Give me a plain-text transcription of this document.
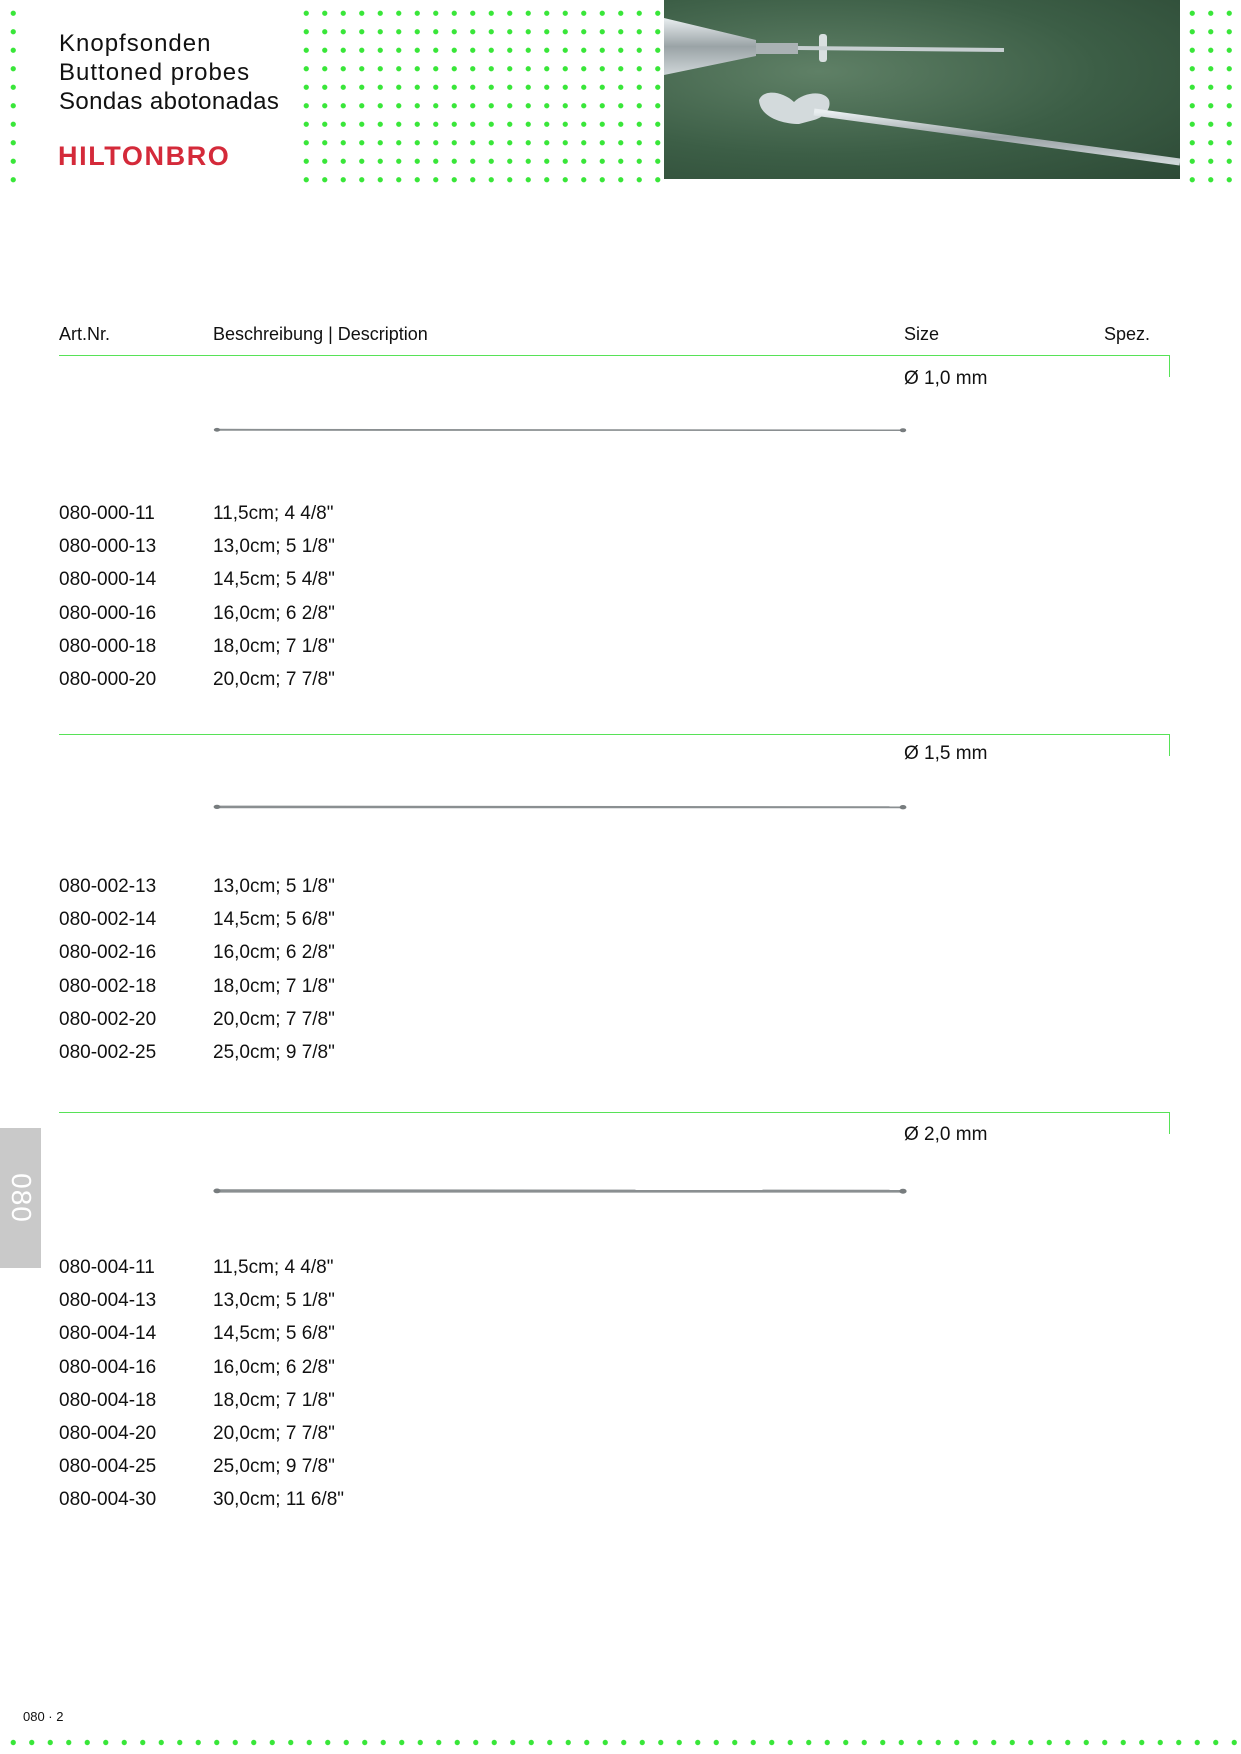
Knopfsonden
Buttoned probes
Sondas abotonadas
HILTONBRO
Art.Nr.	Beschreibung | Description	Size	Spez.
Ø 1,0 mm
080-000-11	11,5cm; 4 4/8"
080-000-13	13,0cm; 5 1/8"
080-000-14	14,5cm; 5 4/8"
080-000-16	16,0cm; 6 2/8"
080-000-18	18,0cm; 7 1/8"
080-000-20	20,0cm; 7 7/8"
Ø 1,5 mm
080-002-13	13,0cm; 5 1/8"
080-002-14	14,5cm; 5 6/8"
080-002-16	16,0cm; 6 2/8"
080-002-18	18,0cm; 7 1/8"
080-002-20	20,0cm; 7 7/8"
080-002-25	25,0cm; 9 7/8"
Ø 2,0 mm
080-004-11	11,5cm; 4 4/8"
080-004-13	13,0cm; 5 1/8"
080-004-14	14,5cm; 5 6/8"
080-004-16	16,0cm; 6 2/8"
080-004-18	18,0cm; 7 1/8"
080-004-20	20,0cm; 7 7/8"
080-004-25	25,0cm; 9 7/8"
080-004-30	30,0cm; 11 6/8"
080
080 · 2
